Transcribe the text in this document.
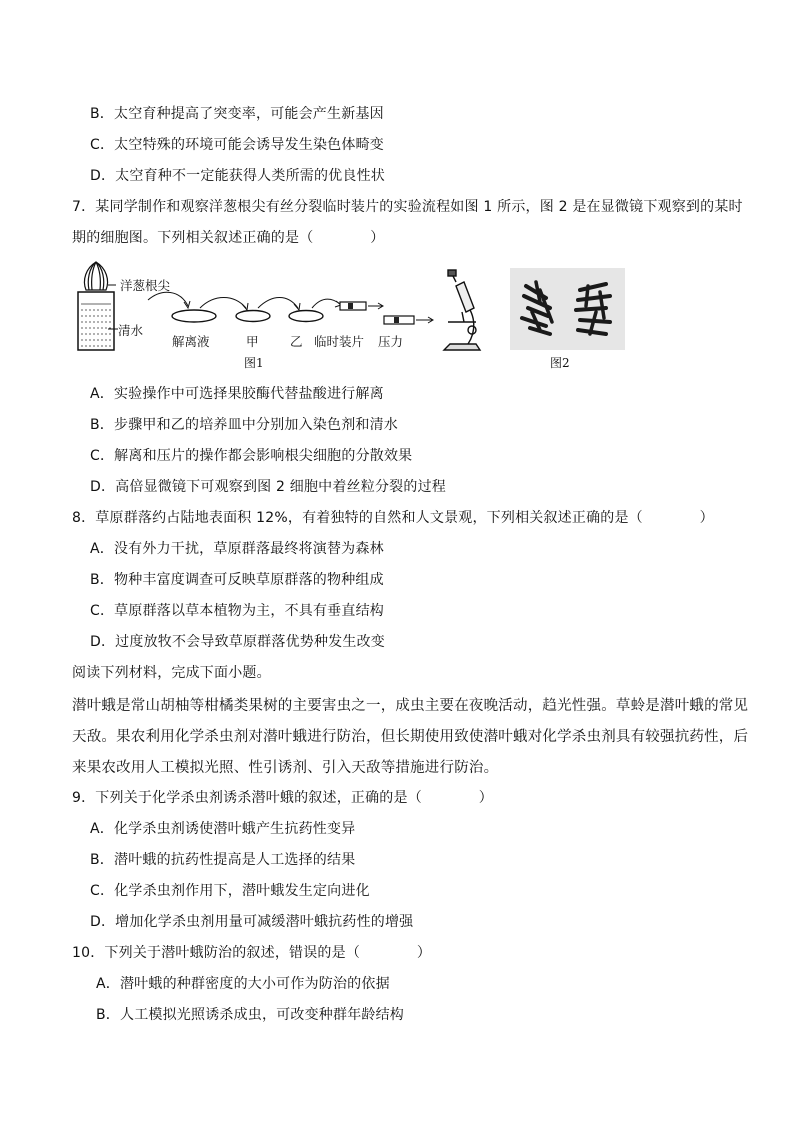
B．太空育种提高了突变率，可能会产生新基因
C．太空特殊的环境可能会诱导发生染色体畸变
D．太空育种不一定能获得人类所需的优良性状
7．某同学制作和观察洋葱根尖有丝分裂临时装片的实验流程如图 1 所示，图 2 是在显微镜下观察到的某时
期的细胞图。下列相关叙述正确的是（　　　　）
洋葱根尖
清水
解离液	甲	乙 临时装片 压力
图1	图2
A．实验操作中可选择果胶酶代替盐酸进行解离
B．步骤甲和乙的培养皿中分别加入染色剂和清水
C．解离和压片的操作都会影响根尖细胞的分散效果
D．高倍显微镜下可观察到图 2 细胞中着丝粒分裂的过程
8．草原群落约占陆地表面积 12%，有着独特的自然和人文景观，下列相关叙述正确的是（　　　　）
A．没有外力干扰，草原群落最终将演替为森林
B．物种丰富度调查可反映草原群落的物种组成
C．草原群落以草本植物为主，不具有垂直结构
D．过度放牧不会导致草原群落优势种发生改变
阅读下列材料，完成下面小题。
潜叶蛾是常山胡柚等柑橘类果树的主要害虫之一，成虫主要在夜晚活动，趋光性强。草蛉是潜叶蛾的常见
天敌。果农利用化学杀虫剂对潜叶蛾进行防治，但长期使用致使潜叶蛾对化学杀虫剂具有较强抗药性，后
来果农改用人工模拟光照、性引诱剂、引入天敌等措施进行防治。
9．下列关于化学杀虫剂诱杀潜叶蛾的叙述，正确的是（　　　　）
A．化学杀虫剂诱使潜叶蛾产生抗药性变异
B．潜叶蛾的抗药性提高是人工选择的结果
C．化学杀虫剂作用下，潜叶蛾发生定向进化
D．增加化学杀虫剂用量可减缓潜叶蛾抗药性的增强
10．下列关于潜叶蛾防治的叙述，错误的是（　　　　）
A．潜叶蛾的种群密度的大小可作为防治的依据
B．人工模拟光照诱杀成虫，可改变种群年龄结构
